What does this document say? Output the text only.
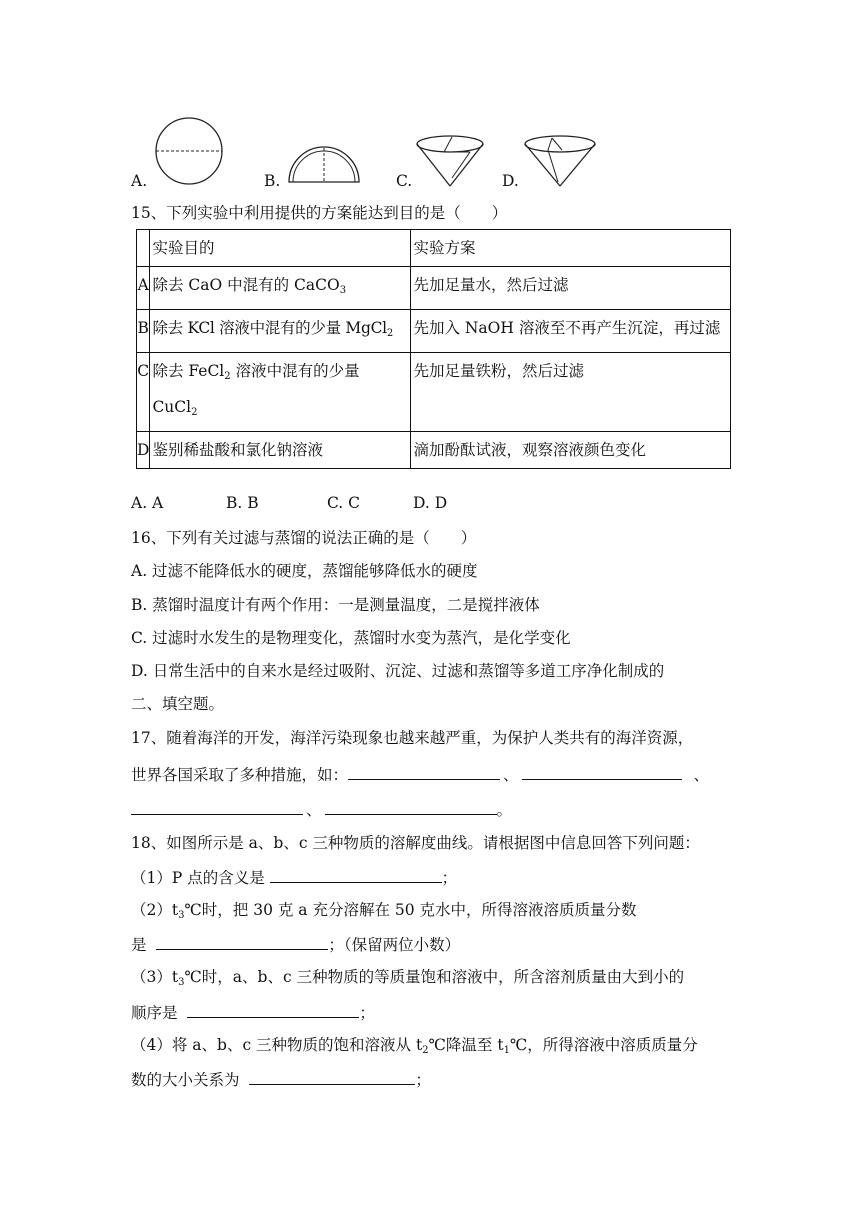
A.	B.	C.	D.
15、下列实验中利用提供的方案能达到目的是（　　）
	实验目的	实验方案
A	除去 CaO 中混有的 CaCO$_3$	先加足量水，然后过滤
B	除去 KCl 溶液中混有的少量 MgCl$_2$	先加入 NaOH 溶液至不再产生沉淀，再过滤
C	除去 FeCl$_2$ 溶液中混有的少量 CuCl$_2$	先加足量铁粉，然后过滤
D	鉴别稀盐酸和氯化钠溶液	滴加酚酞试液，观察溶液颜色变化
A. A	B. B	C. C	D. D
16、下列有关过滤与蒸馏的说法正确的是（　　）
A. 过滤不能降低水的硬度，蒸馏能够降低水的硬度
B. 蒸馏时温度计有两个作用：一是测量温度，二是搅拌液体
C. 过滤时水发生的是物理变化，蒸馏时水变为蒸汽，是化学变化
D. 日常生活中的自来水是经过吸附、沉淀、过滤和蒸馏等多道工序净化制成的
二、填空题。
17、随着海洋的开发，海洋污染现象也越来越严重，为保护人类共有的海洋资源，
世界各国采取了多种措施，如：	、	、
、	。
18、如图所示是 a、b、c 三种物质的溶解度曲线。请根据图中信息回答下列问题：
（1）P 点的含义是	；
$(2)t_3℃$时，把 30 克 a 充分溶解在 50 克水中，所得溶液溶质质量分数
是	；（保留两位小数）
$(3)t_3℃$时，a、b、c 三种物质的等质量饱和溶液中，所含溶剂质量由大到小的
顺序是	；
（4）将 a、b、c 三种物质的饱和溶液从 $t_2℃$降温至 $t_1℃$，所得溶液中溶质质量分
数的大小关系为	；
